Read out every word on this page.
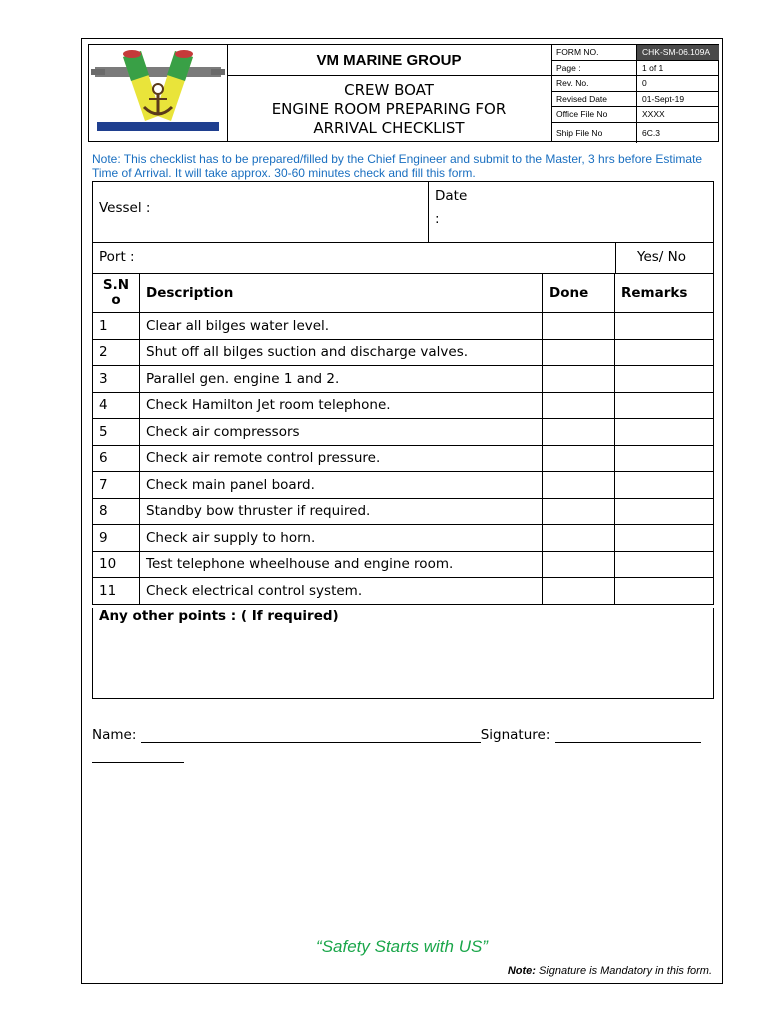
VM MARINE GROUP
CREW BOAT
ENGINE ROOM PREPARING FOR
ARRIVAL CHECKLIST
FORM NO.	CHK-SM-06.109A
Page :	1 of 1
Rev. No.	0
Revised Date	01-Sept-19
Office File No	XXXX
Ship File No	6C.3
Note: This checklist has to be prepared/filled by the Chief Engineer and submit to the Master, 3 hrs before Estimate Time of Arrival. It will take approx. 30-60 minutes check and fill this form.
Vessel :
Date
:
Port :	Yes/ No
S.N o	Description	Done	Remarks
1	Clear all bilges water level.		
2	Shut off all bilges suction and discharge valves.		
3	Parallel gen. engine 1 and 2.		
4	Check Hamilton Jet room telephone.		
5	Check air compressors		
6	Check air remote control pressure.		
7	Check main panel board.		
8	Standby bow thruster if required.		
9	Check air supply to horn.		
10	Test telephone wheelhouse and engine room.		
11	Check electrical control system.		
Any other points : ( If required)
Name:	Signature:
“Safety Starts with US”
Note: Signature is Mandatory in this form.
